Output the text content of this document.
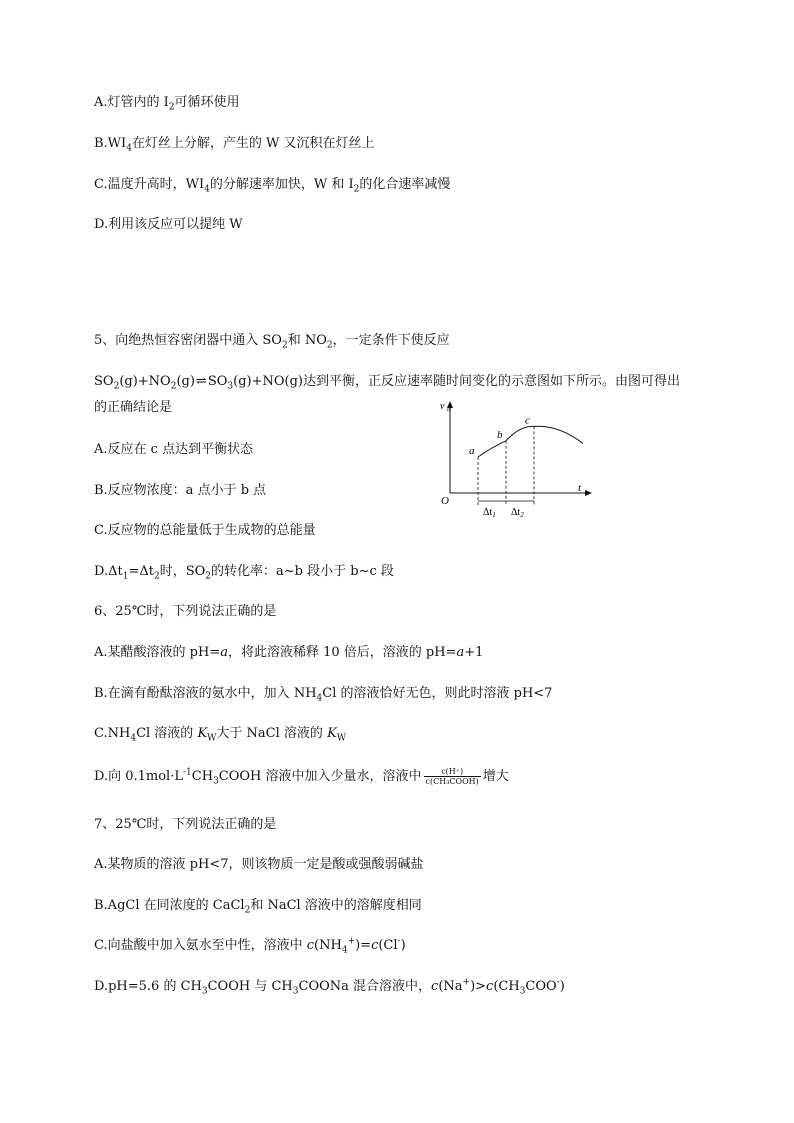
A.灯管内的 $I_2$可循环使用
$B.WI_4$在灯丝上分解，产生的 W 又沉积在灯丝上
C.温度升高时，$WI_4$的分解速率加快，W 和 $I_2$的化合速率减慢
D.利用该反应可以提纯 W
5、向绝热恒容密闭器中通入 $SO_2$和 $NO_2$，一定条件下使反应
$SO_2(g)+NO_2(g)\rightleftharpoons SO_3(g)+NO(g)$达到平衡，正反应速率随时间变化的示意图如下所示。由图可得出
的正确结论是
A.反应在 c 点达到平衡状态
B.反应物浓度：a 点小于 b 点
C.反应物的总能量低于生成物的总能量
$D.\Delta t_1=\Delta t_2$时，$SO_2$的转化率：a~b 段小于 b~c 段
v 正
t
O
a
b
c
$\Delta t_1$ $\Delta t_2$
6、25℃时，下列说法正确的是
A.某醋酸溶液的 pH=a，将此溶液稀释 10 倍后，溶液的 pH=a+1
B.在滴有酚酞溶液的氨水中，加入 $NH_4Cl$ 的溶液恰好无色，则此时溶液 pH<7
$C.NH_4Cl$ 溶液的 $K_W$大于 NaCl 溶液的 $K_W$
D.向 $0.1mol\cdot L^{-1}CH_3COOH$ 溶液中加入少量水，溶液中 $\frac{c(H^+)}{\text{c(CH₃COOH)}}$ 增大
7、25℃时，下列说法正确的是
A.某物质的溶液 pH<7，则该物质一定是酸或强酸弱碱盐
B.AgCl 在同浓度的 CaCl$_2$和 NaCl 溶液中的溶解度相同
C.向盐酸中加入氨水至中性，溶液中 $c(NH_4^+)=c(Cl^-)$
D.pH=5.6 的 $CH_3COOH$ 与 $CH_3COONa$ 混合溶液中，$c(Na^+)>c(CH_3COO^-)$
